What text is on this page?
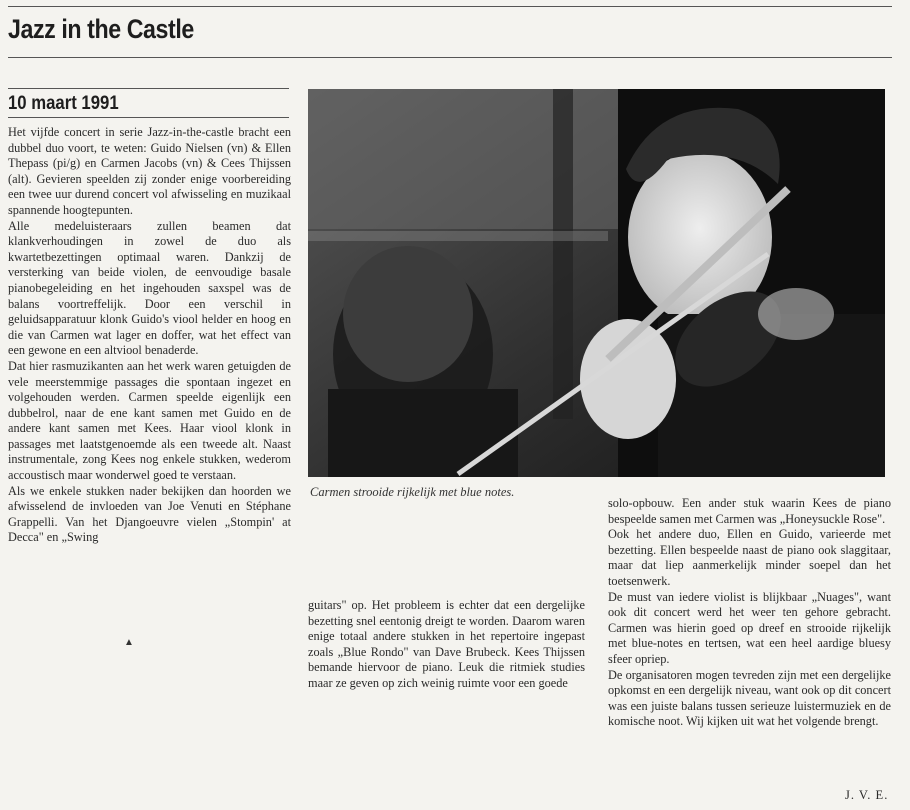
Jazz in the Castle
10 maart 1991

Het vijfde concert in serie Jazz-in-the-castle bracht een dubbel duo voort, te weten: Guido Nielsen (vn) & Ellen Thepass (pi/g) en Carmen Jacobs (vn) & Cees Thijssen (alt). Gevieren speelden zij zonder enige voorbereiding een twee uur durend concert vol afwisseling en muzikaal spannende hoogtepunten.

Alle medeluisteraars zullen beamen dat klankverhoudingen in zowel de duo als kwartetbezettingen optimaal waren. Dankzij de versterking van beide violen, de eenvoudige basale pianobegeleiding en het ingehouden saxspel was de balans voortreffelijk. Door een verschil in geluidsapparatuur klonk Guido's viool helder en hoog en die van Carmen wat lager en doffer, wat het effect van een gewone en een altviool benaderde.

Dat hier rasmuzikanten aan het werk waren getuigden de vele meerstemmige passages die spontaan ingezet en volgehouden werden. Carmen speelde eigenlijk een dubbelrol, naar de ene kant samen met Guido en de andere kant samen met Kees. Haar viool klonk in passages met laatstgenoemde als een tweede alt. Naast instrumentale, zong Kees nog enkele stukken, wederom accoustisch maar wonderwel goed te verstaan.

Als we enkele stukken nader bekijken dan hoorden we afwisselend de invloeden van Joe Venuti en Stéphane Grappelli. Van het Djangoeuvre vielen „Stompin' at Decca" en „Swing

▲
Carmen strooide rijkelijk met blue notes.

guitars" op. Het probleem is echter dat een dergelijke bezetting snel eentonig dreigt te worden. Daarom waren enige totaal andere stukken in het repertoire ingepast zoals „Blue Rondo" van Dave Brubeck. Kees Thijssen bemande hiervoor de piano. Leuk die ritmiek studies maar ze geven op zich weinig ruimte voor een goede

solo-opbouw. Een ander stuk waarin Kees de piano bespeelde samen met Carmen was „Honeysuckle Rose".

Ook het andere duo, Ellen en Guido, varieerde met bezetting. Ellen bespeelde naast de piano ook slaggitaar, maar dat liep aanmerkelijk minder soepel dan het toetsenwerk.

De must van iedere violist is blijkbaar „Nuages", want ook dit concert werd het weer ten gehore gebracht. Carmen was hierin goed op dreef en strooide rijkelijk met blue-notes en tertsen, wat een heel aardige bluesy sfeer opriep.

De organisatoren mogen tevreden zijn met een dergelijke opkomst en een dergelijk niveau, want ook op dit concert was een juiste balans tussen serieuze luistermuziek en de komische noot. Wij kijken uit wat het volgende brengt.

J. V. E.
